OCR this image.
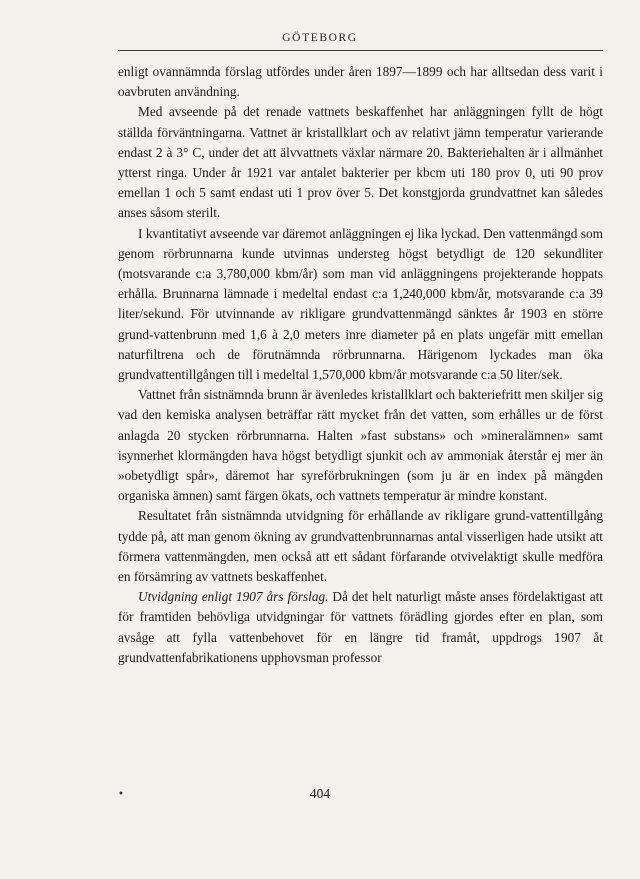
GÖTEBORG

enligt ovannämnda förslag utfördes under åren 1897—1899 och har alltsedan dess varit i oavbruten användning.

Med avseende på det renade vattnets beskaffenhet har anläggningen fyllt de högt ställda förväntningarna. Vattnet är kristallklart och av relativt jämn temperatur varierande endast 2 à 3° C, under det att älvvattnets växlar närmare 20. Bakteriehalten är i allmänhet ytterst ringa. Under år 1921 var antalet bakterier per kbcm uti 180 prov 0, uti 90 prov emellan 1 och 5 samt endast uti 1 prov över 5. Det konstgjorda grundvattnet kan således anses såsom sterilt.

I kvantitativt avseende var däremot anläggningen ej lika lyckad. Den vattenmängd som genom rörbrunnarna kunde utvinnas understeg högst betydligt de 120 sekundliter (motsvarande c:a 3,780,000 kbm/år) som man vid anläggningens projekterande hoppats erhålla. Brunnarna lämnade i medeltal endast c:a 1,240,000 kbm/år, motsvarande c:a 39 liter/sekund. För utvinnande av rikligare grundvattenmängd sänktes år 1903 en större grund-vattenbrunn med 1,6 à 2,0 meters inre diameter på en plats ungefär mitt emellan naturfiltrena och de förutnämnda rörbrunnarna. Härigenom lyckades man öka grundvattentillgången till i medeltal 1,570,000 kbm/år motsvarande c:a 50 liter/sek.

Vattnet från sistnämnda brunn är ävenledes kristallklart och bakteriefritt men skiljer sig vad den kemiska analysen beträffar rätt mycket från det vatten, som erhålles ur de först anlagda 20 stycken rörbrunnarna. Halten »fast substans» och »mineralämnen» samt isynnerhet klormängden hava högst betydligt sjunkit och av ammoniak återstår ej mer än »obetydligt spår», däremot har syreförbrukningen (som ju är en index på mängden organiska ämnen) samt färgen ökats, och vattnets temperatur är mindre konstant.

Resultatet från sistnämnda utvidgning för erhållande av rikligare grund-vattentillgång tydde på, att man genom ökning av grundvattenbrunnarnas antal visserligen hade utsikt att förmera vattenmängden, men också att ett sådant förfarande otvivelaktigt skulle medföra en försämring av vattnets beskaffenhet.

Utvidgning enligt 1907 års förslag. Då det helt naturligt måste anses fördelaktigast att för framtiden behövliga utvidgningar för vattnets förädling gjordes efter en plan, som avsåge att fylla vattenbehovet för en längre tid framåt, uppdrogs 1907 åt grundvattenfabrikationens upphovsman professor

•	404
